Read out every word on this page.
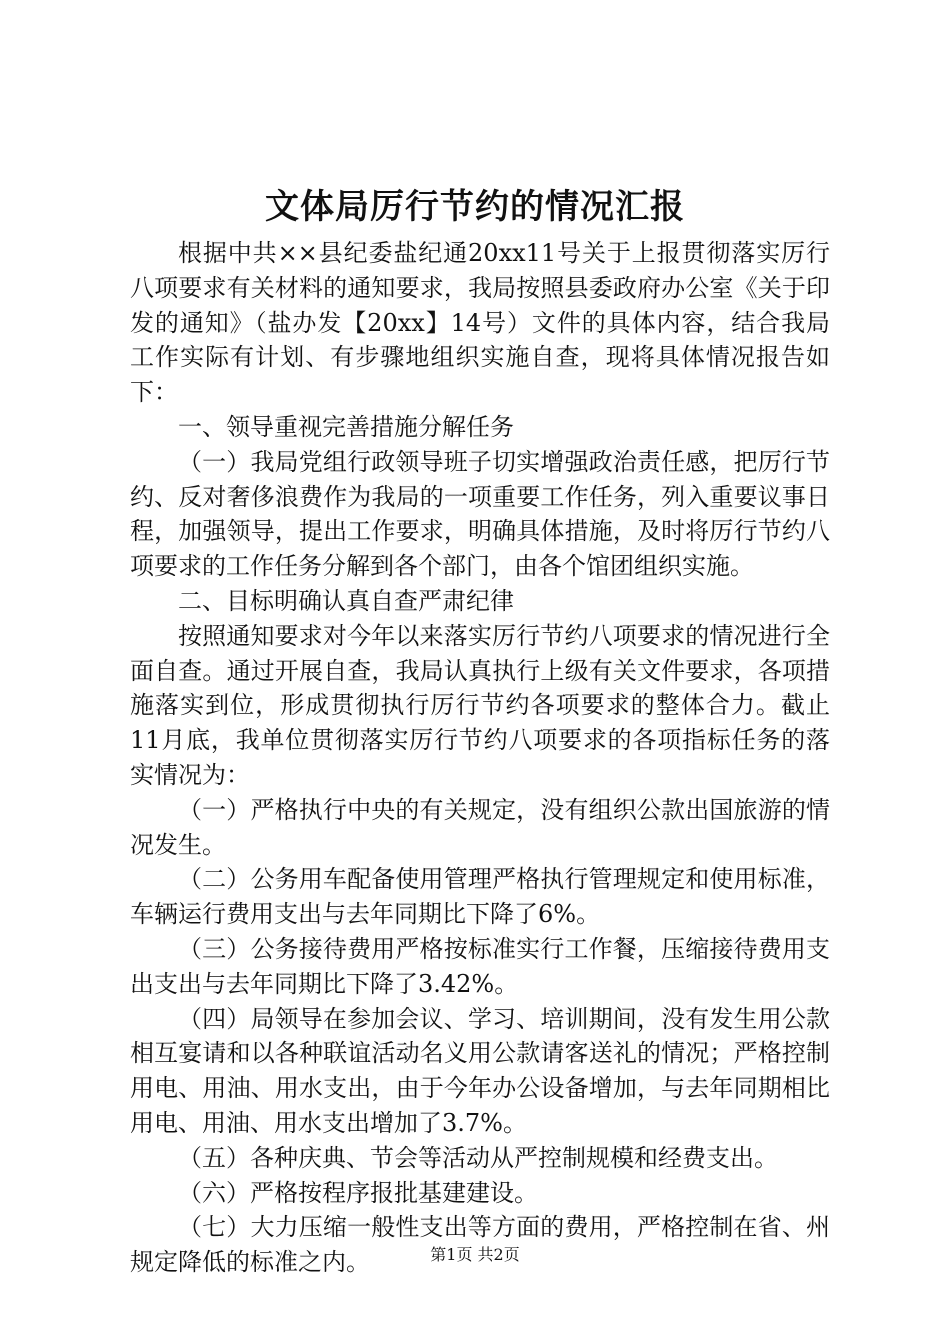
文体局厉行节约的情况汇报

根据中共××县纪委盐纪通20xx11号关于上报贯彻落实厉行八项要求有关材料的通知要求，我局按照县委政府办公室《关于印发的通知》（盐办发【20xx】14号）文件的具体内容，结合我局工作实际有计划、有步骤地组织实施自查，现将具体情况报告如下：

一、领导重视完善措施分解任务

（一）我局党组行政领导班子切实增强政治责任感，把厉行节约、反对奢侈浪费作为我局的一项重要工作任务，列入重要议事日程，加强领导，提出工作要求，明确具体措施，及时将厉行节约八项要求的工作任务分解到各个部门，由各个馆团组织实施。

二、目标明确认真自查严肃纪律

按照通知要求对今年以来落实厉行节约八项要求的情况进行全面自查。通过开展自查，我局认真执行上级有关文件要求，各项措施落实到位，形成贯彻执行厉行节约各项要求的整体合力。截止11月底，我单位贯彻落实厉行节约八项要求的各项指标任务的落实情况为：

（一）严格执行中央的有关规定，没有组织公款出国旅游的情况发生。

（二）公务用车配备使用管理严格执行管理规定和使用标准，车辆运行费用支出与去年同期比下降了6%。

（三）公务接待费用严格按标准实行工作餐，压缩接待费用支出支出与去年同期比下降了3.42%。

（四）局领导在参加会议、学习、培训期间，没有发生用公款相互宴请和以各种联谊活动名义用公款请客送礼的情况；严格控制用电、用油、用水支出，由于今年办公设备增加，与去年同期相比用电、用油、用水支出增加了3.7%。

（五）各种庆典、节会等活动从严控制规模和经费支出。

（六）严格按程序报批基建建设。

（七）大力压缩一般性支出等方面的费用，严格控制在省、州规定降低的标准之内。	第1页 共2页
